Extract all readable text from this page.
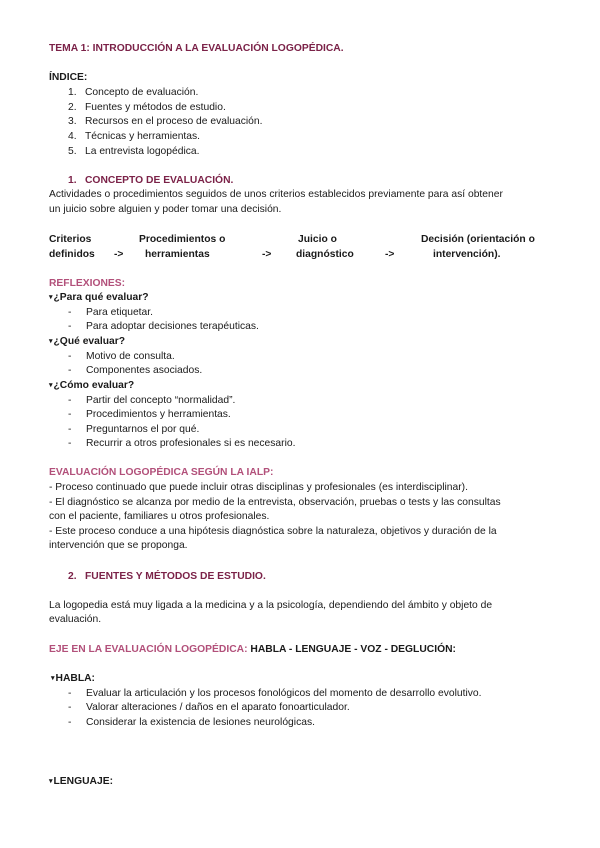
TEMA 1: INTRODUCCIÓN A LA EVALUACIÓN LOGOPÉDICA.
ÍNDICE:
1. Concepto de evaluación.
2. Fuentes y métodos de estudio.
3. Recursos en el proceso de evaluación.
4. Técnicas y herramientas.
5. La entrevista logopédica.
1. CONCEPTO DE EVALUACIÓN.
Actividades o procedimientos seguidos de unos criterios establecidos previamente para así obtener
un juicio sobre alguien y poder tomar una decisión.
Criterios
definidos ->
Procedimientos o
herramientas	->
Juicio o
diagnóstico	->
Decisión (orientación o
intervención).
REFLEXIONES:
▾¿Para qué evaluar?
- Para etiquetar.
- Para adoptar decisiones terapéuticas.
▾¿Qué evaluar?
- Motivo de consulta.
- Componentes asociados.
▾¿Cómo evaluar?
- Partir del concepto “normalidad”.
- Procedimientos y herramientas.
- Preguntarnos el por qué.
- Recurrir a otros profesionales si es necesario.
EVALUACIÓN LOGOPÉDICA SEGÚN LA IALP:
- Proceso continuado que puede incluir otras disciplinas y profesionales (es interdisciplinar).
- El diagnóstico se alcanza por medio de la entrevista, observación, pruebas o tests y las consultas
con el paciente, familiares u otros profesionales.
- Este proceso conduce a una hipótesis diagnóstica sobre la naturaleza, objetivos y duración de la
intervención que se proponga.
2. FUENTES Y MÉTODOS DE ESTUDIO.
La logopedia está muy ligada a la medicina y a la psicología, dependiendo del ámbito y objeto de
evaluación.
EJE EN LA EVALUACIÓN LOGOPÉDICA: HABLA - LENGUAJE - VOZ - DEGLUCIÓN:
▾HABLA:
- Evaluar la articulación y los procesos fonológicos del momento de desarrollo evolutivo.
- Valorar alteraciones / daños en el aparato fonoarticulador.
- Considerar la existencia de lesiones neurológicas.
▾LENGUAJE:
